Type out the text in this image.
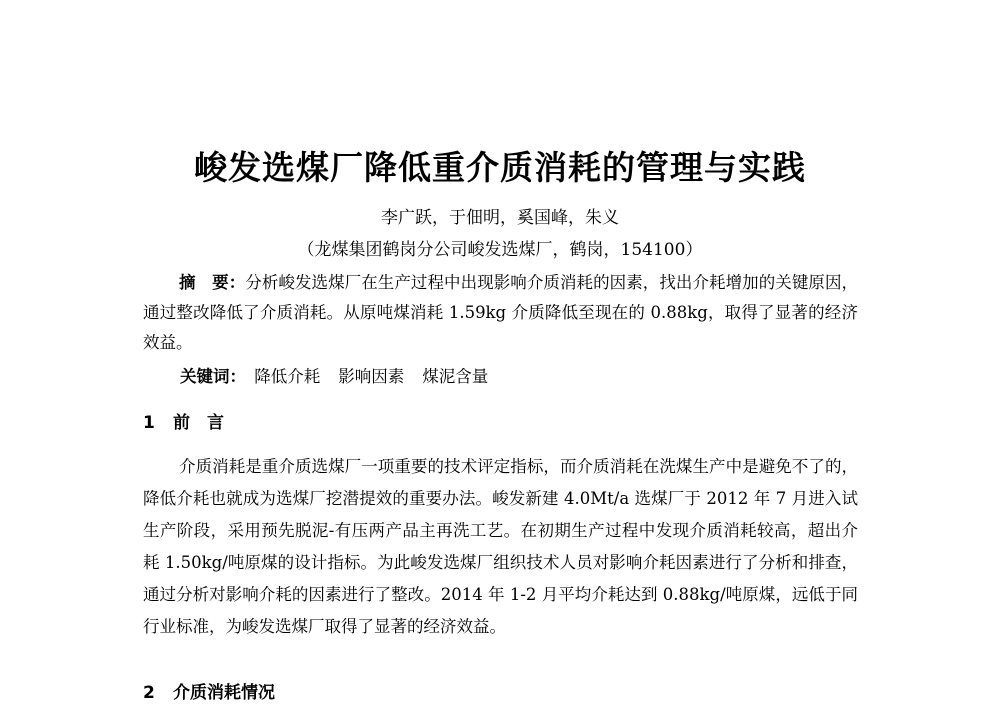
峻发选煤厂降低重介质消耗的管理与实践
李广跃，于佃明，奚国峰，朱义
（龙煤集团鹤岗分公司峻发选煤厂，鹤岗，154100）
摘　要：分析峻发选煤厂在生产过程中出现影响介质消耗的因素，找出介耗增加的关键原因，通过整改降低了介质消耗。从原吨煤消耗 1.59kg 介质降低至现在的 0.88kg，取得了显著的经济效益。
关键词：　 降低介耗 影响因素 煤泥含量
1 前　言
介质消耗是重介质选煤厂一项重要的技术评定指标，而介质消耗在洗煤生产中是避免不了的，降低介耗也就成为选煤厂挖潜提效的重要办法。峻发新建 4.0Mt/a 选煤厂于 2012 年 7 月进入试生产阶段，采用预先脱泥-有压两产品主再洗工艺。在初期生产过程中发现介质消耗较高，超出介耗 1.50kg/吨原煤的设计指标。为此峻发选煤厂组织技术人员对影响介耗因素进行了分析和排查，通过分析对影响介耗的因素进行了整改。2014 年 1-2 月平均介耗达到 0.88kg/吨原煤，远低于同行业标准，为峻发选煤厂取得了显著的经济效益。
2 介质消耗情况
